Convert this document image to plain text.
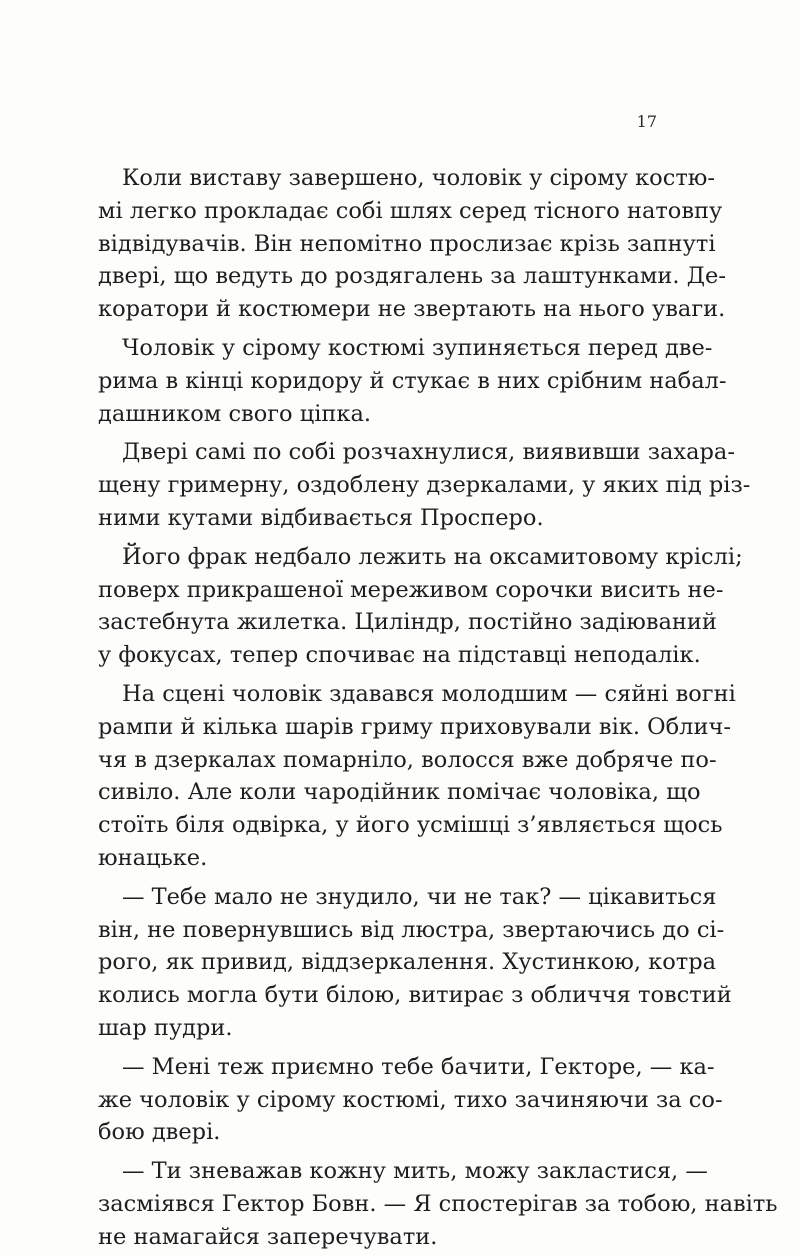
17

Коли виставу завершено, чоловік у сірому костю-
мі легко прокладає собі шлях серед тісного натовпу
відвідувачів. Він непомітно прослизає крізь запнуті
двері, що ведуть до роздягалень за лаштунками. Де-
коратори й костюмери не звертають на нього уваги.

Чоловік у сірому костюмі зупиняється перед две-
рима в кінці коридору й стукає в них срібним набал-
дашником свого ціпка.

Двері самі по собі розчахнулися, виявивши захара-
щену гримерну, оздоблену дзеркалами, у яких під різ-
ними кутами відбивається Просперо.

Його фрак недбало лежить на оксамитовому кріслі;
поверх прикрашеної мереживом сорочки висить не-
застебнута жилетка. Циліндр, постійно задіюваний
у фокусах, тепер спочиває на підставці неподалік.

На сцені чоловік здавався молодшим — сяйні вогні
рампи й кілька шарів гриму приховували вік. Облич-
чя в дзеркалах помарніло, волосся вже добряче по-
сивіло. Але коли чародійник помічає чоловіка, що
стоїть біля одвірка, у його усмішці з’являється щось
юнацьке.

— Тебе мало не знудило, чи не так? — цікавиться
він, не повернувшись від люстра, звертаючись до сі-
рого, як привид, віддзеркалення. Хустинкою, котра
колись могла бути білою, витирає з обличчя товстий
шар пудри.

— Мені теж приємно тебе бачити, Гекторе, — ка-
же чоловік у сірому костюмі, тихо зачиняючи за со-
бою двері.

— Ти зневажав кожну мить, можу закластися, —
засміявся Гектор Бовн. — Я спостерігав за тобою, навіть
не намагайся заперечувати.
